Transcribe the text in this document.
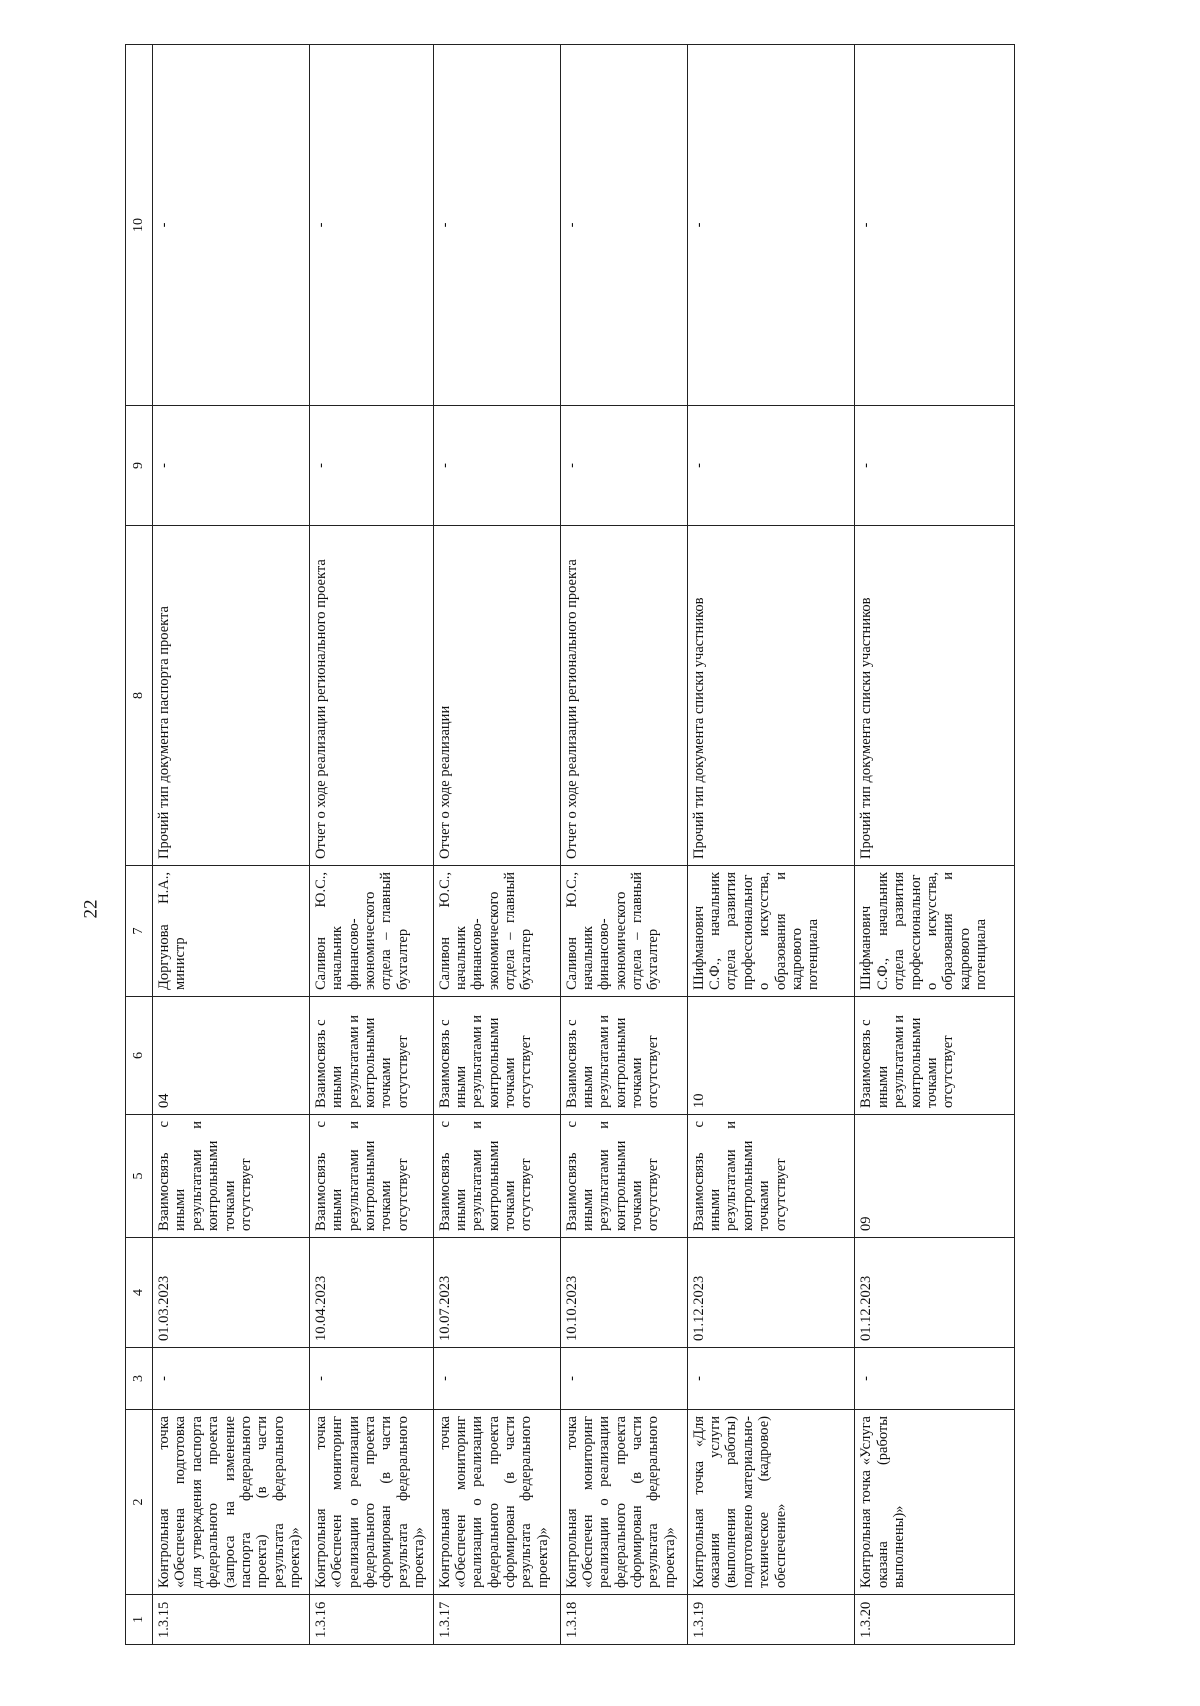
22
1	2	3	4	5	6	7	8	9	10
1.3.15	Контрольная точка «Обеспечена подготовка для утверждения паспорта федерального проекта (запроса на изменение паспорта федерального проекта) (в части результата федерального проекта)»	-	01.03.2023	Взаимосвязь с иными результатами и контрольными точками отсутствует	04	Доргунова Н.А., министр	Прочий тип документа паспорта проекта	-	-
1.3.16	Контрольная точка «Обеспечен мониторинг реализации о реализации федерального проекта сформирован (в части результата федерального проекта)»	-	10.04.2023	Взаимосвязь с иными результатами и контрольными точками отсутствует	Взаимосвязь с иными результатами и контрольными точками отсутствует	Саливон Ю.С., начальник финансово-экономического отдела – главный бухгалтер	Отчет о ходе реализации регионального проекта	-	-
1.3.17	Контрольная точка «Обеспечен мониторинг реализации о реализации федерального проекта сформирован (в части результата федерального проекта)»	-	10.07.2023	Взаимосвязь с иными результатами и контрольными точками отсутствует	Взаимосвязь с иными результатами и контрольными точками отсутствует	Саливон Ю.С., начальник финансово-экономического отдела – главный бухгалтер	Отчет о ходе реализации	-	-
1.3.18	Контрольная точка «Обеспечен мониторинг реализации о реализации федерального проекта сформирован (в части результата федерального проекта)»	-	10.10.2023	Взаимосвязь с иными результатами и контрольными точками отсутствует	Взаимосвязь с иными результатами и контрольными точками отсутствует	Саливон Ю.С., начальник финансово-экономического отдела – главный бухгалтер	Отчет о ходе реализации регионального проекта	-	-
1.3.19	Контрольная точка «Для оказания услуги (выполнения работы) подготовлено материально-техническое (кадровое) обеспечение»	-	01.12.2023	Взаимосвязь с иными результатами и контрольными точками отсутствует	10	Шифманович С.Ф., начальник отдела развития профессиональног о искусства, образования и кадрового потенциала	Прочий тип документа списки участников	-	-
1.3.20	Контрольная точка «Услуга оказана (работы выполнены)»	-	01.12.2023	09	Взаимосвязь с иными результатами и контрольными точками отсутствует	Шифманович С.Ф., начальник отдела развития профессиональног о искусства, образования и кадрового потенциала	Прочий тип документа списки участников	-	-
